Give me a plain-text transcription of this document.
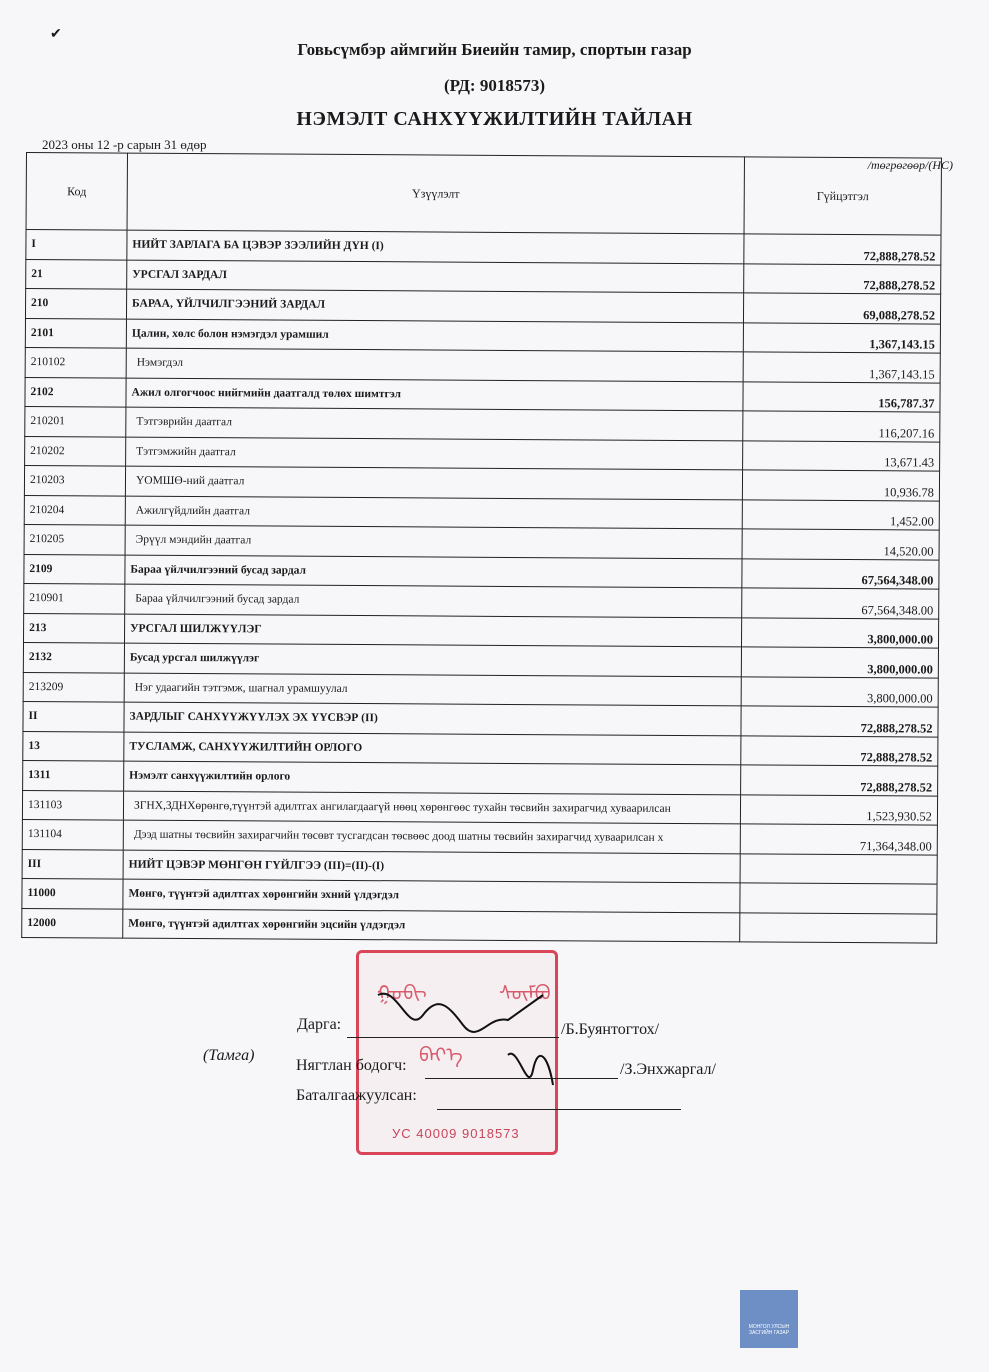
✔
Говьсүмбэр аймгийн Биеийн тамир, спортын газар
(РД: 9018573)
НЭМЭЛТ САНХҮҮЖИЛТИЙН ТАЙЛАН
2023 оны 12 -р сарын 31 өдөр
/төгрөгөөр/(НС)
Код	Үзүүлэлт	Гүйцэтгэл
I	НИЙТ ЗАРЛАГА БА ЦЭВЭР ЗЭЭЛИЙН ДҮН (I)	72,888,278.52
21	УРСГАЛ ЗАРДАЛ	72,888,278.52
210	БАРАА, ҮЙЛЧИЛГЭЭНИЙ ЗАРДАЛ	69,088,278.52
2101	Цалин, хөлс болон нэмэгдэл урамшил	1,367,143.15
210102	Нэмэгдэл	1,367,143.15
2102	Ажил олгогчоос нийгмийн даатгалд төлөх шимтгэл	156,787.37
210201	Тэтгэврийн даатгал	116,207.16
210202	Тэтгэмжийн даатгал	13,671.43
210203	ҮОМШӨ-ний даатгал	10,936.78
210204	Ажилгүйдлийн даатгал	1,452.00
210205	Эрүүл мэндийн даатгал	14,520.00
2109	Бараа үйлчилгээний бусад зардал	67,564,348.00
210901	Бараа үйлчилгээний бусад зардал	67,564,348.00
213	УРСГАЛ ШИЛЖҮҮЛЭГ	3,800,000.00
2132	Бусад урсгал шилжүүлэг	3,800,000.00
213209	Нэг удаагийн тэтгэмж, шагнал урамшуулал	3,800,000.00
II	ЗАРДЛЫГ САНХҮҮЖҮҮЛЭХ ЭХ ҮҮСВЭР (II)	72,888,278.52
13	ТУСЛАМЖ, САНХҮҮЖИЛТИЙН ОРЛОГО	72,888,278.52
1311	Нэмэлт санхүүжилтийн орлого	72,888,278.52
131103	ЗГНХ,ЗДНХөрөнгө,түүнтэй адилтгах ангилагдаагүй нөөц хөрөнгөөс тухайн төсвийн захирагчид хуваарилсан	1,523,930.52
131104	Дээд шатны төсвийн захирагчийн төсөвт тусгагдсан төсвөөс доод шатны төсвийн захирагчид хуваарилсан х	71,364,348.00
III	НИЙТ ЦЭВЭР МӨНГӨН ГҮЙЛГЭЭ (III)=(II)-(I)	
11000	Мөнгө, түүнтэй адилтгах хөрөнгийн эхний үлдэгдэл	
12000	Мөнгө, түүнтэй адилтгах хөрөнгийн эцсийн үлдэгдэл	
(Тамга)
ᠭᠣᠪᠢ	ᠰᠦᠮᠪᠦ
ᠪᠡᠶ᠎ᠡ
УС 40009 9018573
Дарга:	/Б.Буянтогтох/
Нягтлан бодогч:	/З.Энхжаргал/
Баталгаажуулсан:
МОНГОЛ УЛСЫН
ЗАСГИЙН ГАЗАР
